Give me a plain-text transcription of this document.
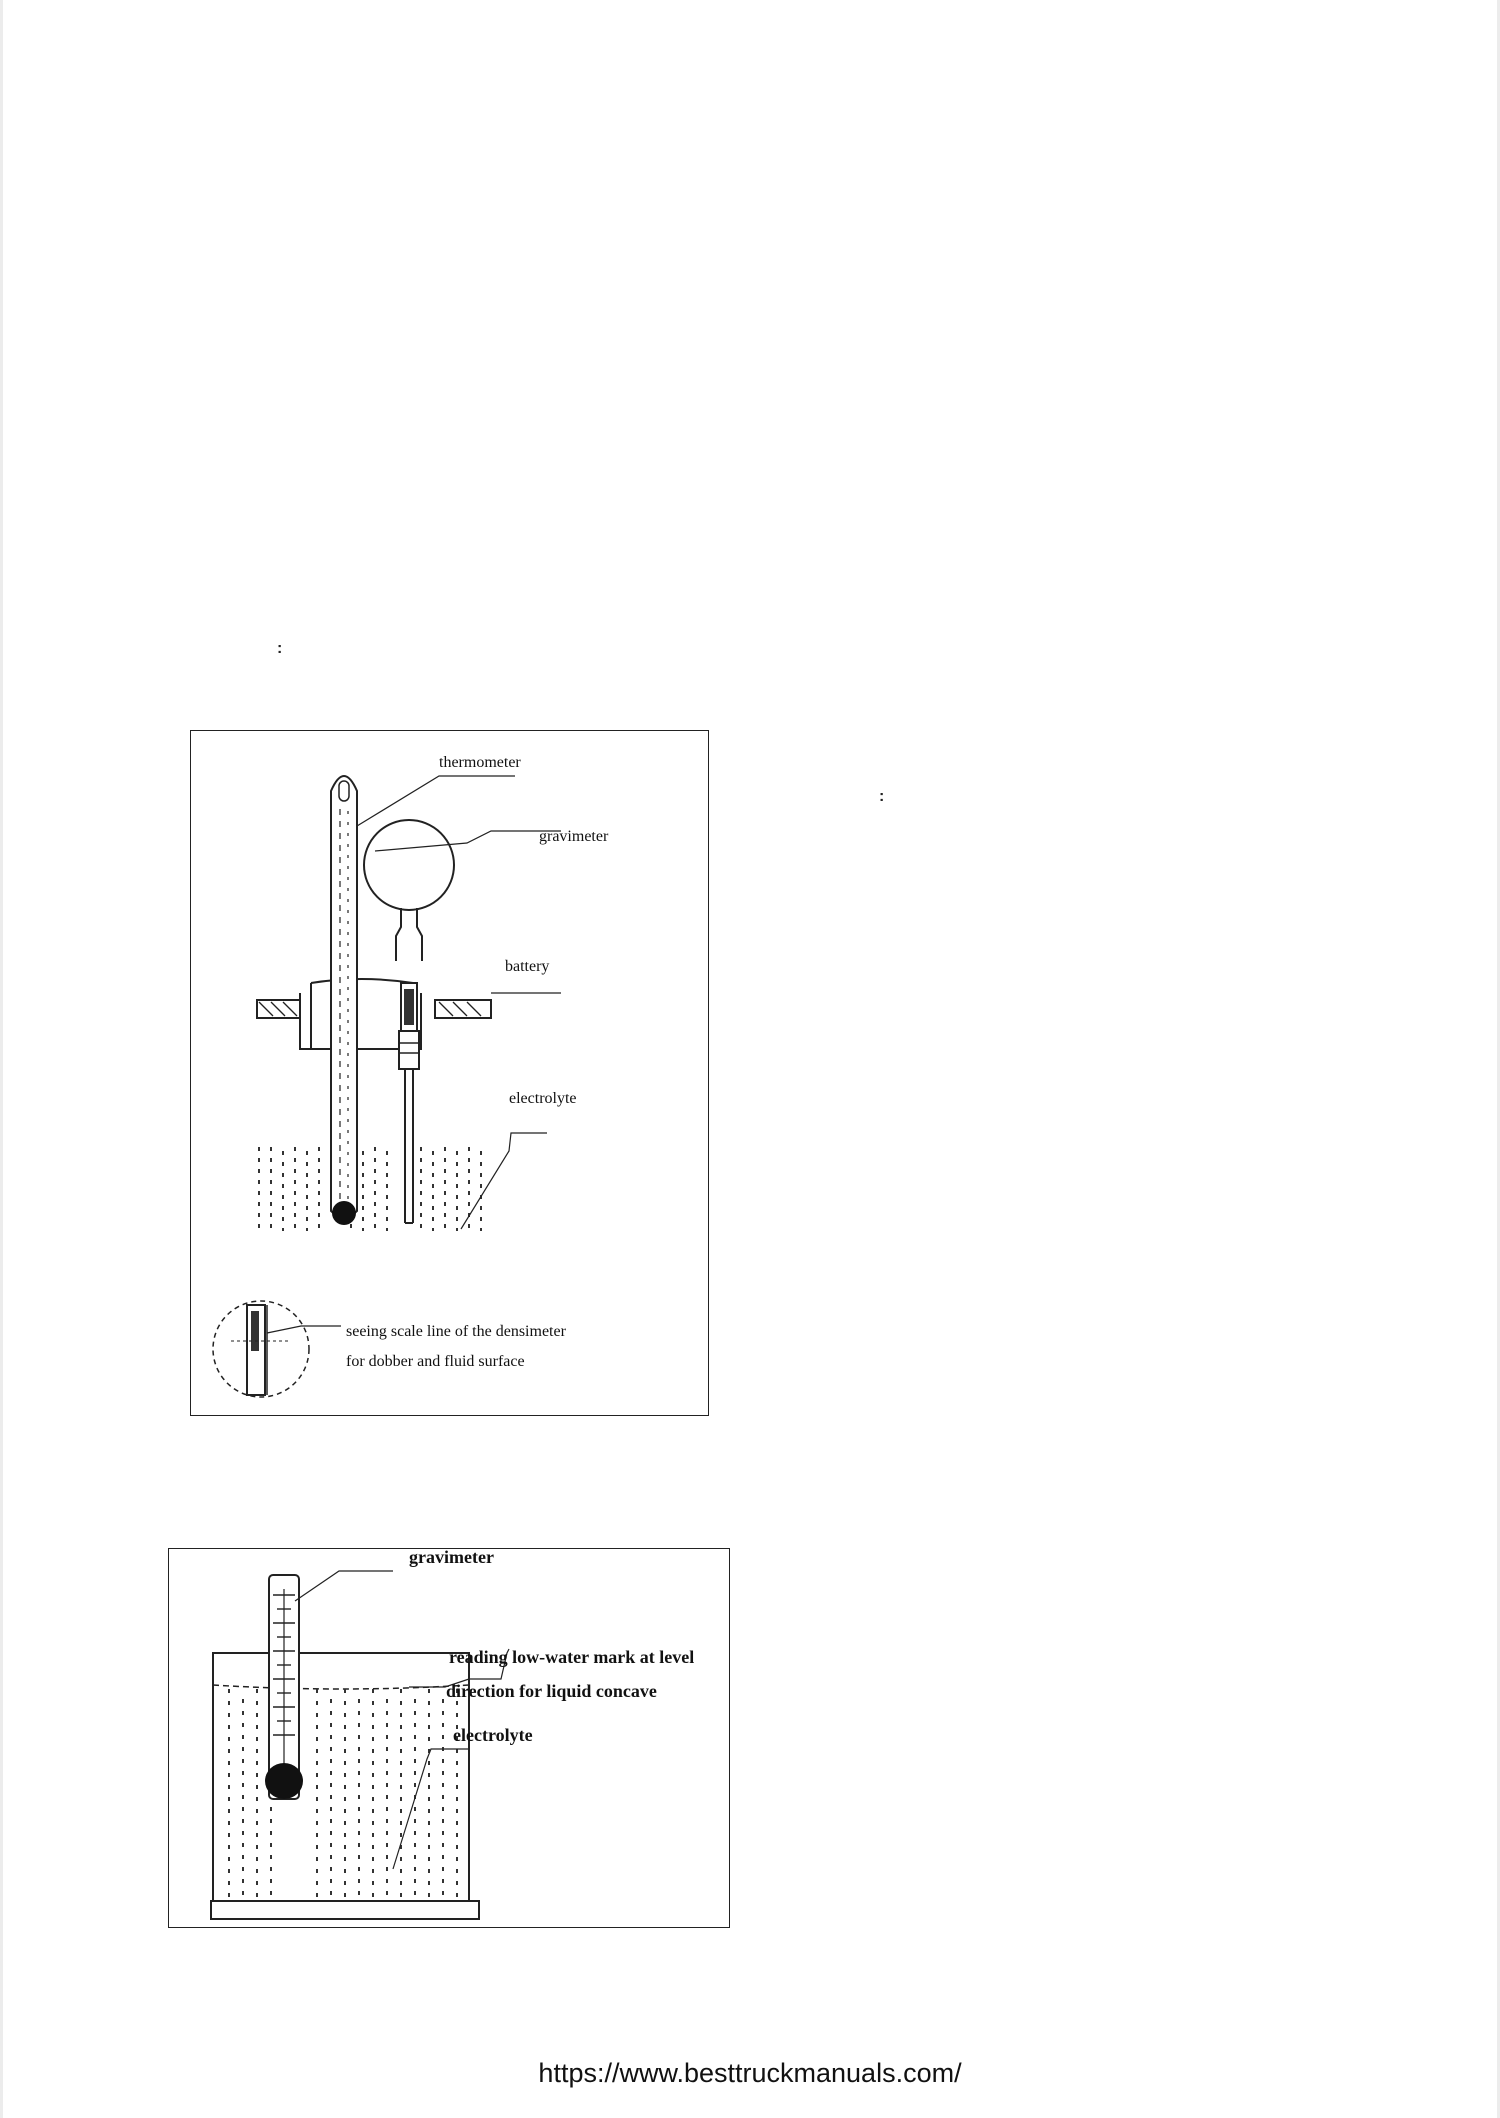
:
:
thermometer
gravimeter
battery
electrolyte
seeing scale line of the densimeter
for dobber and fluid surface
gravimeter
reading low-water mark at level
direction for liquid concave
electrolyte
https://www.besttruckmanuals.com/
